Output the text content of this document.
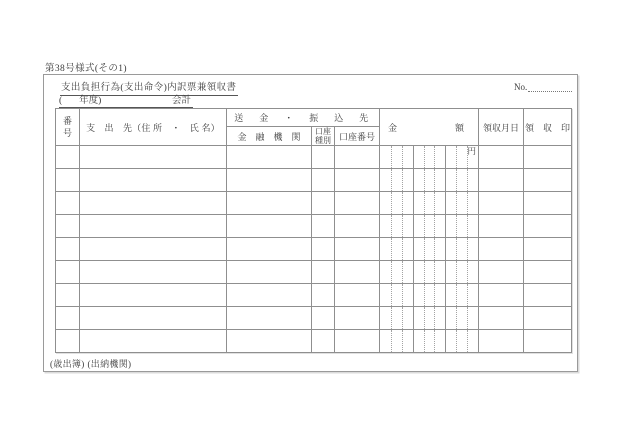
第38号様式(その1)
支出負担行為(支出命令)内訳票兼領収書	No.
( 年度)	会計
番号	支　出　先（住 所　・　氏 名）	送　金　・　振　込　先			金 額	領収月日	領　収　印
		金　融　機　関	口座種別	口座番号			

					円		

(歳出簿) (出納機関)
